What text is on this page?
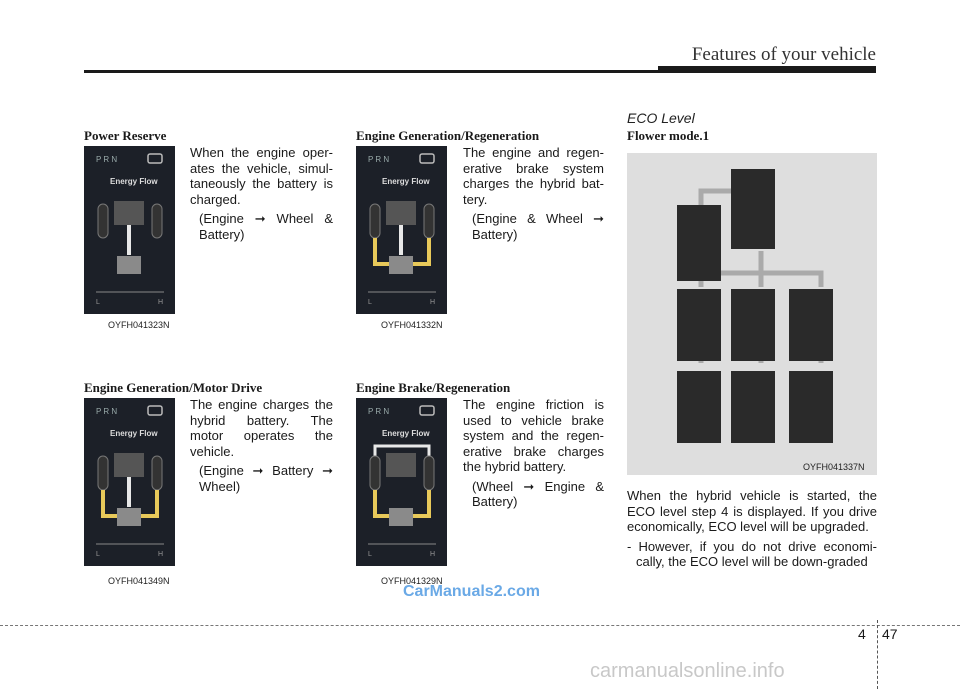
Features of your vehicle
Power Reserve
P R N
Energy Flow
L	H

When the engine oper-ates the vehicle, simul-taneously the battery is charged.

(Engine ➞ Wheel & Battery)

OYFH041323N
Engine Generation/Motor Drive
P R N
Energy Flow
L	H

The engine charges the hybrid battery. The motor operates the vehicle.

(Engine ➞ Battery ➞ Wheel)

OYFH041349N
Engine Generation/Regeneration
P R N
Energy Flow
L	H

The engine and regen-erative brake system charges the hybrid bat-tery.

(Engine & Wheel ➞ Battery)

OYFH041332N
Engine Brake/Regeneration
P R N
Energy Flow
L	H

The engine friction is used to vehicle brake system and the regen-erative brake charges the hybrid battery.

(Wheel ➞ Engine & Battery)

OYFH041329N
ECO Level
Flower mode.1
OYFH041337N

When the hybrid vehicle is started, the ECO level step 4 is displayed. If you drive economically, ECO level will be upgraded.

- However, if you do not drive economi-cally, the ECO level will be down-graded

4 47
CarManuals2.com
carmanualsonline.info
